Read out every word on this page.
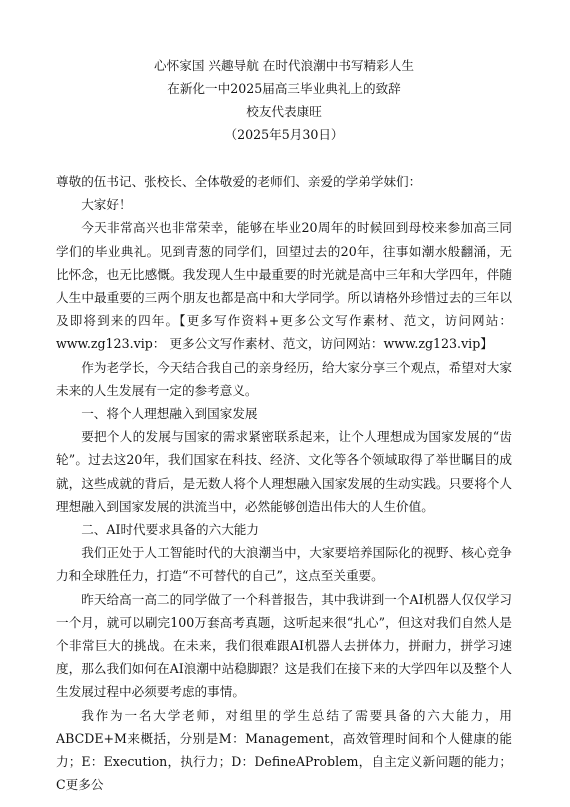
心怀家国 兴趣导航 在时代浪潮中书写精彩人生
在新化一中2025届高三毕业典礼上的致辞
校友代表康旺
（2025年5月30日）

尊敬的伍书记、张校长、全体敬爱的老师们、亲爱的学弟学妹们：

大家好！

今天非常高兴也非常荣幸，能够在毕业20周年的时候回到母校来参加高三同学们的毕业典礼。见到青葱的同学们，回望过去的20年，往事如潮水般翻涌，无比怀念，也无比感慨。我发现人生中最重要的时光就是高中三年和大学四年，伴随人生中最重要的三两个朋友也都是高中和大学同学。所以请格外珍惜过去的三年以及即将到来的四年。【更多写作资料+更多公文写作素材、范文，访问网站：www.zg123.vip： 更多公文写作素材、范文，访问网站：www.zg123.vip】

作为老学长，今天结合我自己的亲身经历，给大家分享三个观点，希望对大家未来的人生发展有一定的参考意义。

一、将个人理想融入到国家发展

要把个人的发展与国家的需求紧密联系起来，让个人理想成为国家发展的“齿轮”。过去这20年，我们国家在科技、经济、文化等各个领域取得了举世瞩目的成就，这些成就的背后，是无数人将个人理想融入国家发展的生动实践。只要将个人理想融入到国家发展的洪流当中，必然能够创造出伟大的人生价值。

二、AI时代要求具备的六大能力

我们正处于人工智能时代的大浪潮当中，大家要培养国际化的视野、核心竞争力和全球胜任力，打造“不可替代的自己”，这点至关重要。

昨天给高一高二的同学做了一个科普报告，其中我讲到一个AI机器人仅仅学习一个月，就可以刷完100万套高考真题，这听起来很“扎心”，但这对我们自然人是个非常巨大的挑战。在未来，我们很难跟AI机器人去拼体力，拼耐力，拼学习速度，那么我们如何在AI浪潮中站稳脚跟？这是我们在接下来的大学四年以及整个人生发展过程中必须要考虑的事情。

我作为一名大学老师，对组里的学生总结了需要具备的六大能力，用ABCDE+M来概括，分别是M：Management，高效管理时间和个人健康的能力；E：Execution，执行力；D：DefineAProblem，自主定义新问题的能力；C更多公
